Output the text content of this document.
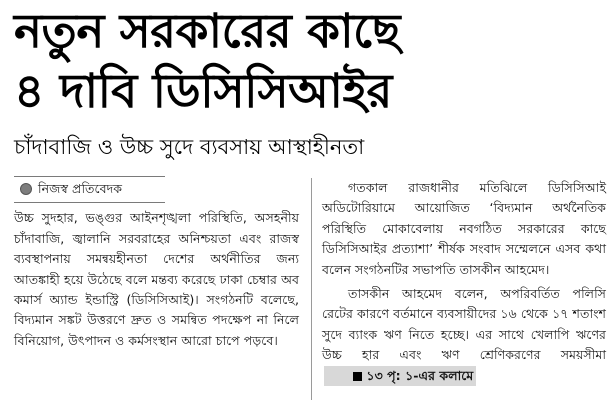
নতুন সরকারের কাছে
৪ দাবি ডিসিসিআইর
চাঁদাবাজি ও উচ্চ সুদে ব্যবসায় আস্থাহীনতা
নিজস্ব প্রতিবেদক

উচ্চ সুদহার, ভঙ্গুর আইনশৃঙ্খলা পরিস্থিতি, অসহনীয় চাঁদাবাজি, জ্বালানি সরবরাহের অনিশ্চয়তা এবং রাজস্ব ব্যবস্থাপনায় সমন্বয়হীনতা দেশের অর্থনীতির জন্য আতঙ্কাহী হয়ে উঠেছে বলে মন্তব্য করেছে ঢাকা চেম্বার অব কমার্স অ্যান্ড ইন্ডাস্ট্রি (ডিসিসিআই)। সংগঠনটি বলেছে, বিদ্যমান সঙ্কট উত্তরণে দ্রুত ও সমন্বিত পদক্ষেপ না নিলে বিনিয়োগ, উৎপাদন ও কর্মসংস্থান আরো চাপে পড়বে।

গতকাল রাজধানীর মতিঝিলে ডিসিসিআই অডিটোরিয়ামে আয়োজিত ‘বিদ্যমান অর্থনৈতিক পরিস্থিতি মোকাবেলায় নবগঠিত সরকারের কাছে ডিসিসিআইর প্রত্যাশা’ শীর্ষক সংবাদ সম্মেলনে এসব কথা বলেন সংগঠনটির সভাপতি তাসকীন আহমেদ।

তাসকীন আহমেদ বলেন, অপরিবর্তিত পলিসি রেটের কারণে বর্তমানে ব্যবসায়ীদের ১৬ থেকে ১৭ শতাংশ সুদে ব্যাংক ঋণ নিতে হচ্ছে। এর সাথে খেলাপি ঋণের উচ্চ হার এবং ঋণ শ্রেণিকরণের সময়সীমা  ১৩ পৃ: ১-এর কলামে
